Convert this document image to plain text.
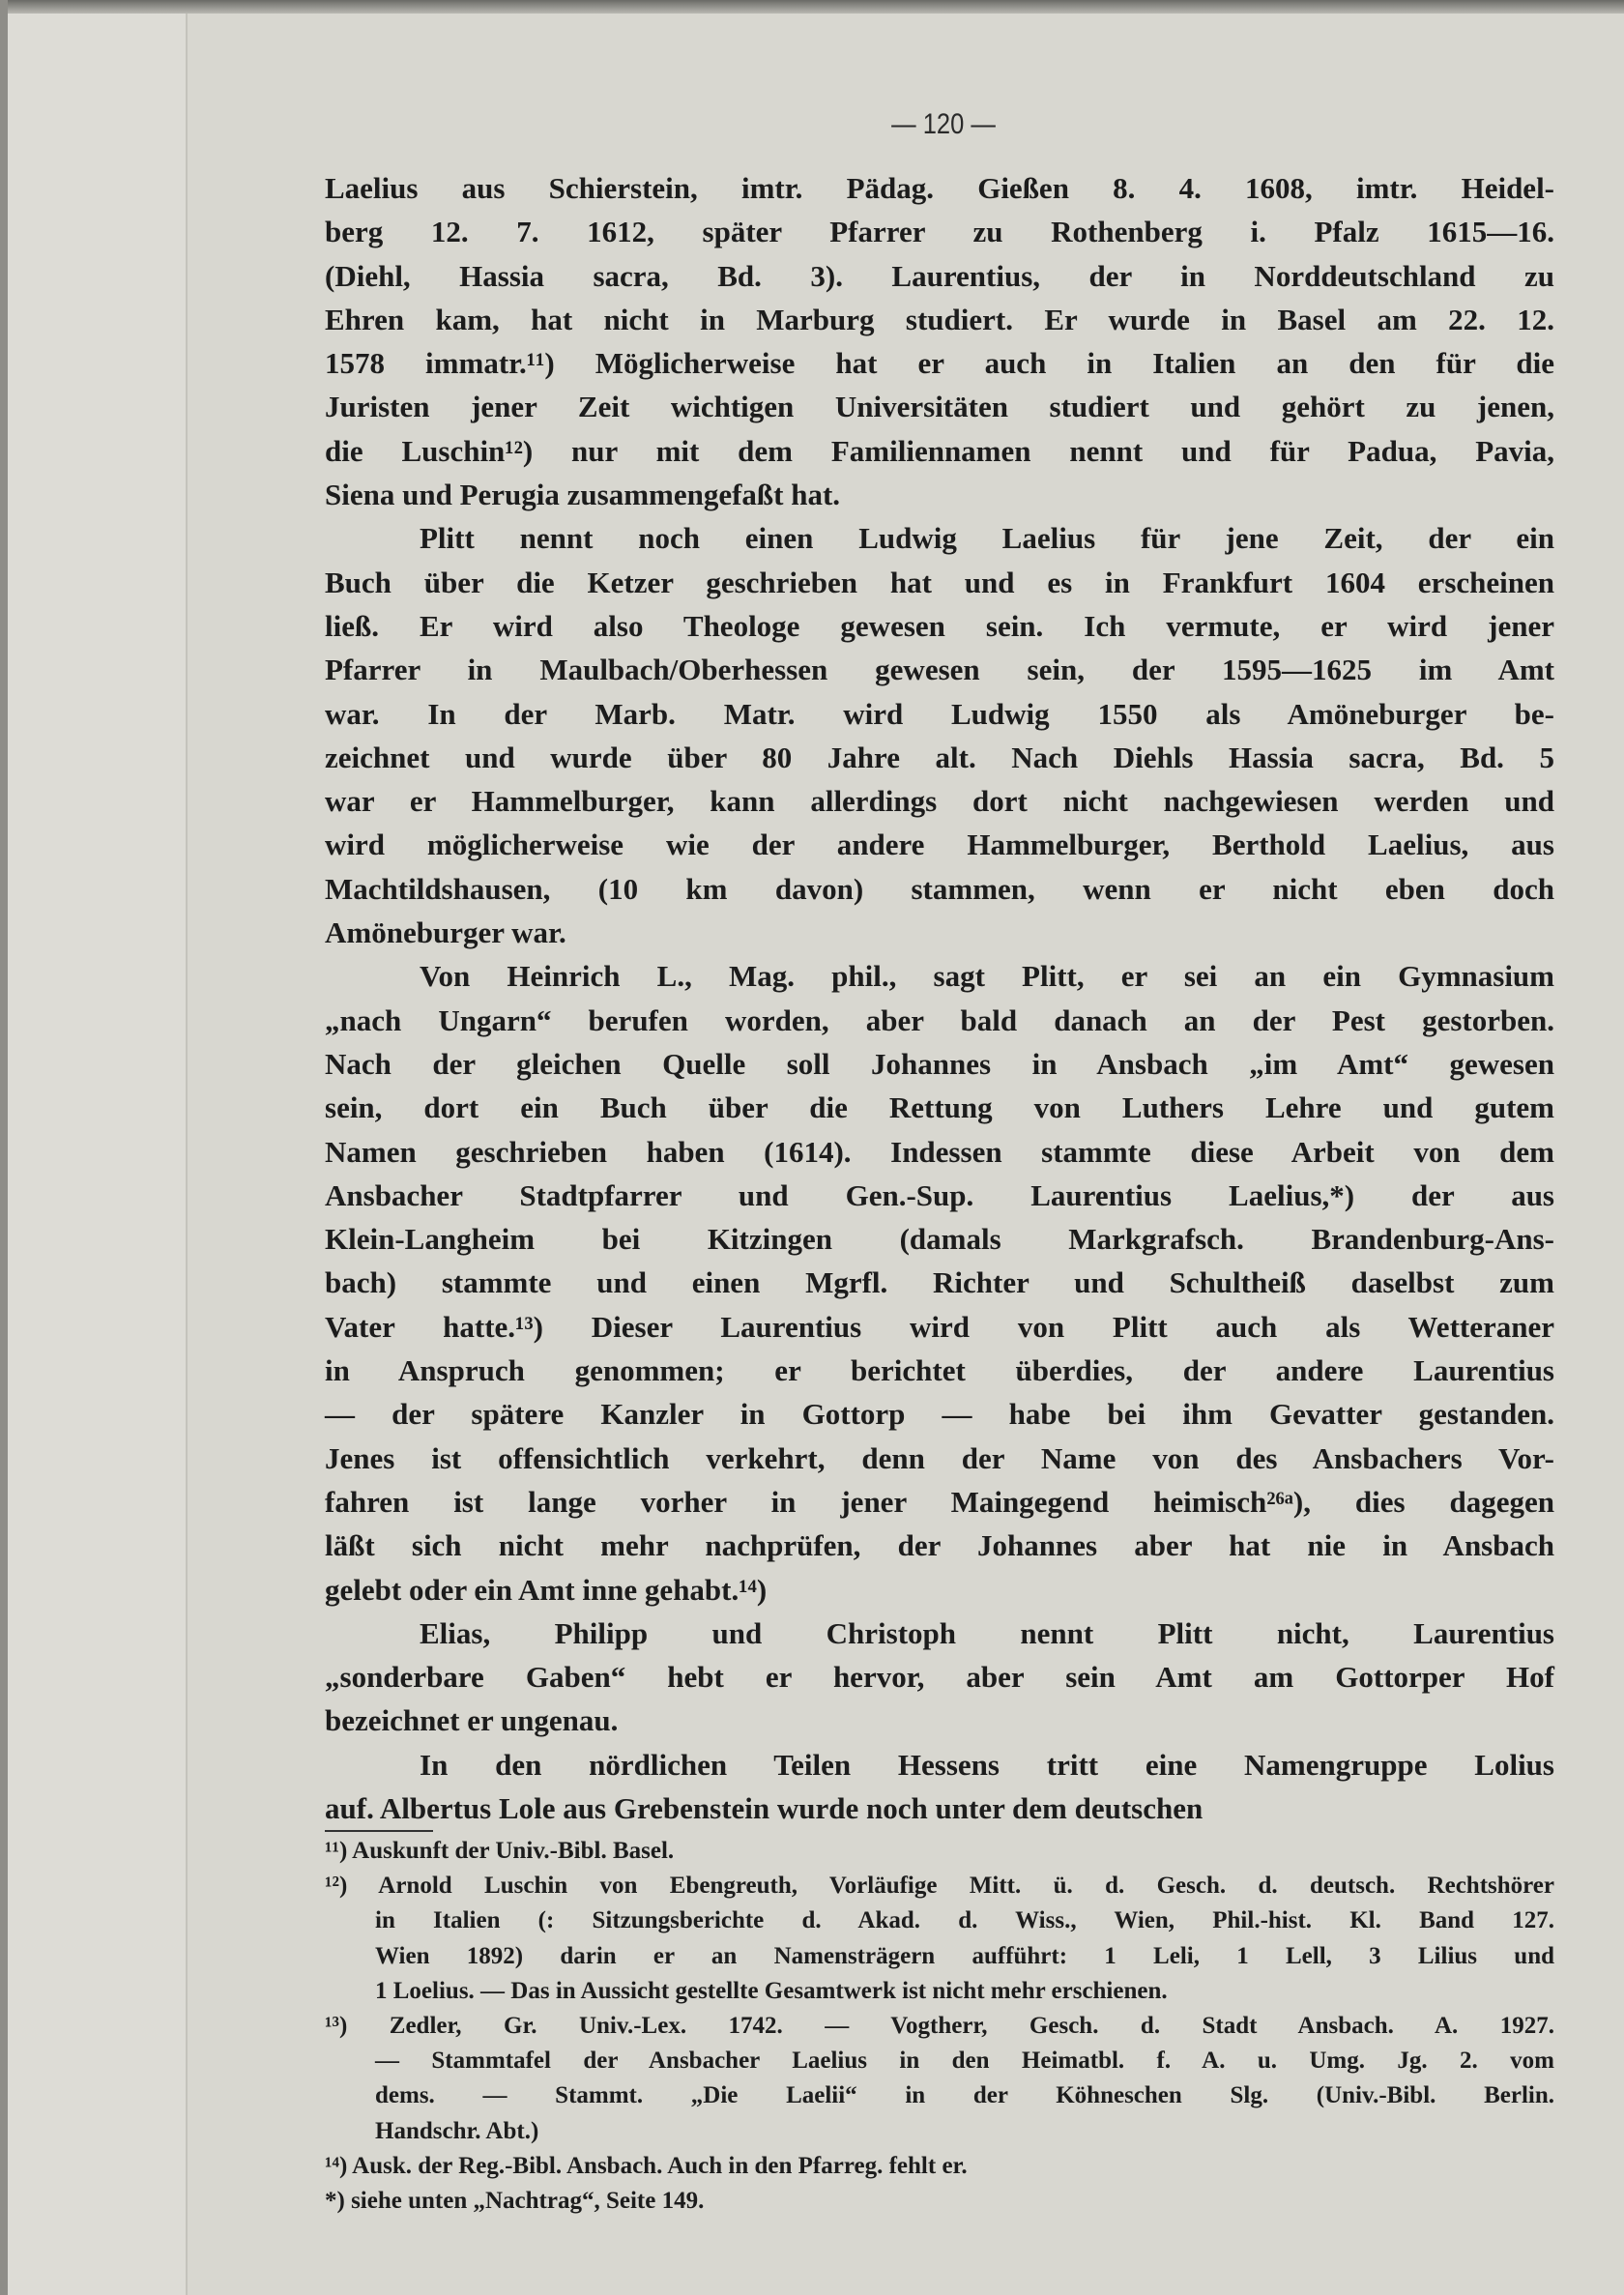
— 120 —
Laelius aus Schierstein, imtr. Pädag. Gießen 8. 4. 1608, imtr. Heidel-
berg 12. 7. 1612, später Pfarrer zu Rothenberg i. Pfalz 1615—16.
(Diehl, Hassia sacra, Bd. 3). Laurentius, der in Norddeutschland zu
Ehren kam, hat nicht in Marburg studiert. Er wurde in Basel am 22. 12.
1578 immatr.¹¹) Möglicherweise hat er auch in Italien an den für die
Juristen jener Zeit wichtigen Universitäten studiert und gehört zu jenen,
die Luschin¹²) nur mit dem Familiennamen nennt und für Padua, Pavia,
Siena und Perugia zusammengefaßt hat.
Plitt nennt noch einen Ludwig Laelius für jene Zeit, der ein
Buch über die Ketzer geschrieben hat und es in Frankfurt 1604 erscheinen
ließ. Er wird also Theologe gewesen sein. Ich vermute, er wird jener
Pfarrer in Maulbach/Oberhessen gewesen sein, der 1595—1625 im Amt
war. In der Marb. Matr. wird Ludwig 1550 als Amöneburger be-
zeichnet und wurde über 80 Jahre alt. Nach Diehls Hassia sacra, Bd. 5
war er Hammelburger, kann allerdings dort nicht nachgewiesen werden und
wird möglicherweise wie der andere Hammelburger, Berthold Laelius, aus
Machtildshausen, (10 km davon) stammen, wenn er nicht eben doch
Amöneburger war.
Von Heinrich L., Mag. phil., sagt Plitt, er sei an ein Gymnasium
„nach Ungarn“ berufen worden, aber bald danach an der Pest gestorben.
Nach der gleichen Quelle soll Johannes in Ansbach „im Amt“ gewesen
sein, dort ein Buch über die Rettung von Luthers Lehre und gutem
Namen geschrieben haben (1614). Indessen stammte diese Arbeit von dem
Ansbacher Stadtpfarrer und Gen.-Sup. Laurentius Laelius,*) der aus
Klein-Langheim bei Kitzingen (damals Markgrafsch. Brandenburg-Ans-
bach) stammte und einen Mgrfl. Richter und Schultheiß daselbst zum
Vater hatte.¹³) Dieser Laurentius wird von Plitt auch als Wetteraner
in Anspruch genommen; er berichtet überdies, der andere Laurentius
— der spätere Kanzler in Gottorp — habe bei ihm Gevatter gestanden.
Jenes ist offensichtlich verkehrt, denn der Name von des Ansbachers Vor-
fahren ist lange vorher in jener Maingegend heimisch²⁶ᵃ), dies dagegen
läßt sich nicht mehr nachprüfen, der Johannes aber hat nie in Ansbach
gelebt oder ein Amt inne gehabt.¹⁴)
Elias, Philipp und Christoph nennt Plitt nicht, Laurentius
„sonderbare Gaben“ hebt er hervor, aber sein Amt am Gottorper Hof
bezeichnet er ungenau.
In den nördlichen Teilen Hessens tritt eine Namengruppe Lolius
auf. Albertus Lole aus Grebenstein wurde noch unter dem deutschen
¹¹) Auskunft der Univ.-Bibl. Basel.
¹²) Arnold Luschin von Ebengreuth, Vorläufige Mitt. ü. d. Gesch. d. deutsch. Rechtshörer
in Italien (: Sitzungsberichte d. Akad. d. Wiss., Wien, Phil.-hist. Kl. Band 127.
Wien 1892) darin er an Namensträgern aufführt: 1 Leli, 1 Lell, 3 Lilius und
1 Loelius. — Das in Aussicht gestellte Gesamtwerk ist nicht mehr erschienen.
¹³) Zedler, Gr. Univ.-Lex. 1742. — Vogtherr, Gesch. d. Stadt Ansbach. A. 1927.
— Stammtafel der Ansbacher Laelius in den Heimatbl. f. A. u. Umg. Jg. 2. vom
dems. — Stammt. „Die Laelii“ in der Köhneschen Slg. (Univ.-Bibl. Berlin.
Handschr. Abt.)
¹⁴) Ausk. der Reg.-Bibl. Ansbach. Auch in den Pfarreg. fehlt er.
*) siehe unten „Nachtrag“, Seite 149.
